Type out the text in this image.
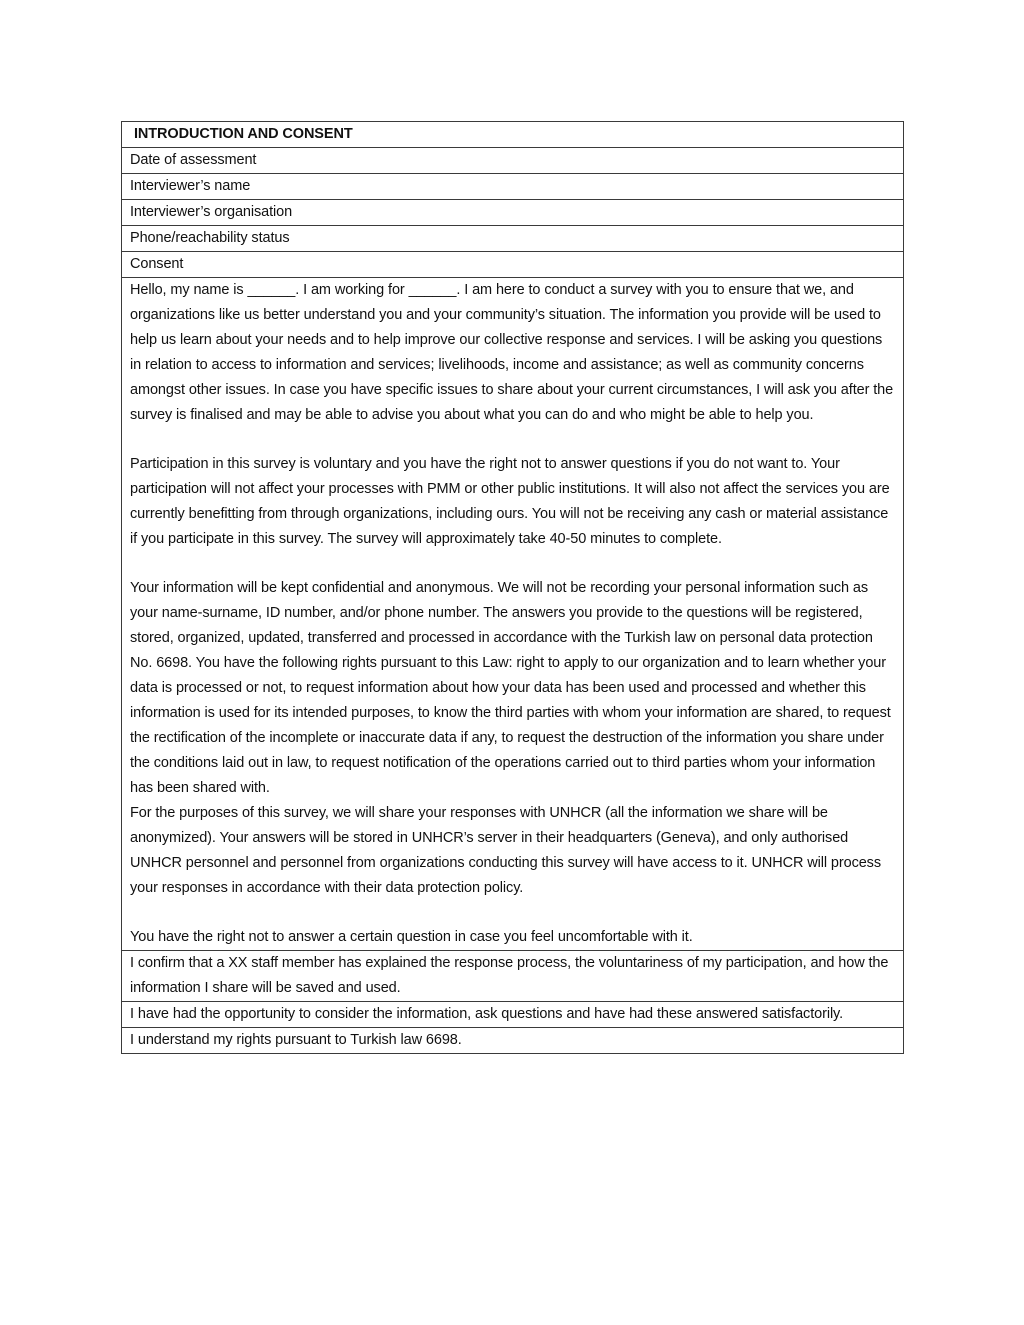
INTRODUCTION AND CONSENT
Date of assessment
Interviewer’s name
Interviewer’s organisation
Phone/reachability status
Consent

Hello, my name is ______. I am working for ______. I am here to conduct a survey with you to ensure that we, and organizations like us better understand you and your community’s situation. The information you provide will be used to help us learn about your needs and to help improve our collective response and services. I will be asking you questions in relation to access to information and services; livelihoods, income and assistance; as well as community concerns amongst other issues. In case you have specific issues to share about your current circumstances, I will ask you after the survey is finalised and may be able to advise you about what you can do and who might be able to help you.

Participation in this survey is voluntary and you have the right not to answer questions if you do not want to. Your participation will not affect your processes with PMM or other public institutions. It will also not affect the services you are currently benefitting from through organizations, including ours. You will not be receiving any cash or material assistance if you participate in this survey. The survey will approximately take 40-50 minutes to complete.

Your information will be kept confidential and anonymous. We will not be recording your personal information such as your name-surname, ID number, and/or phone number. The answers you provide to the questions will be registered, stored, organized, updated, transferred and processed in accordance with the Turkish law on personal data protection No. 6698. You have the following rights pursuant to this Law: right to apply to our organization and to learn whether your data is processed or not, to request information about how your data has been used and processed and whether this information is used for its intended purposes, to know the third parties with whom your information are shared, to request the rectification of the incomplete or inaccurate data if any, to request the destruction of the information you share under the conditions laid out in law, to request notification of the operations carried out to third parties whom your information has been shared with.

For the purposes of this survey, we will share your responses with UNHCR (all the information we share will be anonymized). Your answers will be stored in UNHCR’s server in their headquarters (Geneva), and only authorised UNHCR personnel and personnel from organizations conducting this survey will have access to it. UNHCR will process your responses in accordance with their data protection policy.

You have the right not to answer a certain question in case you feel uncomfortable with it.

I confirm that a XX staff member has explained the response process, the voluntariness of my participation, and how the information I share will be saved and used.
I have had the opportunity to consider the information, ask questions and have had these answered satisfactorily.
I understand my rights pursuant to Turkish law 6698.
